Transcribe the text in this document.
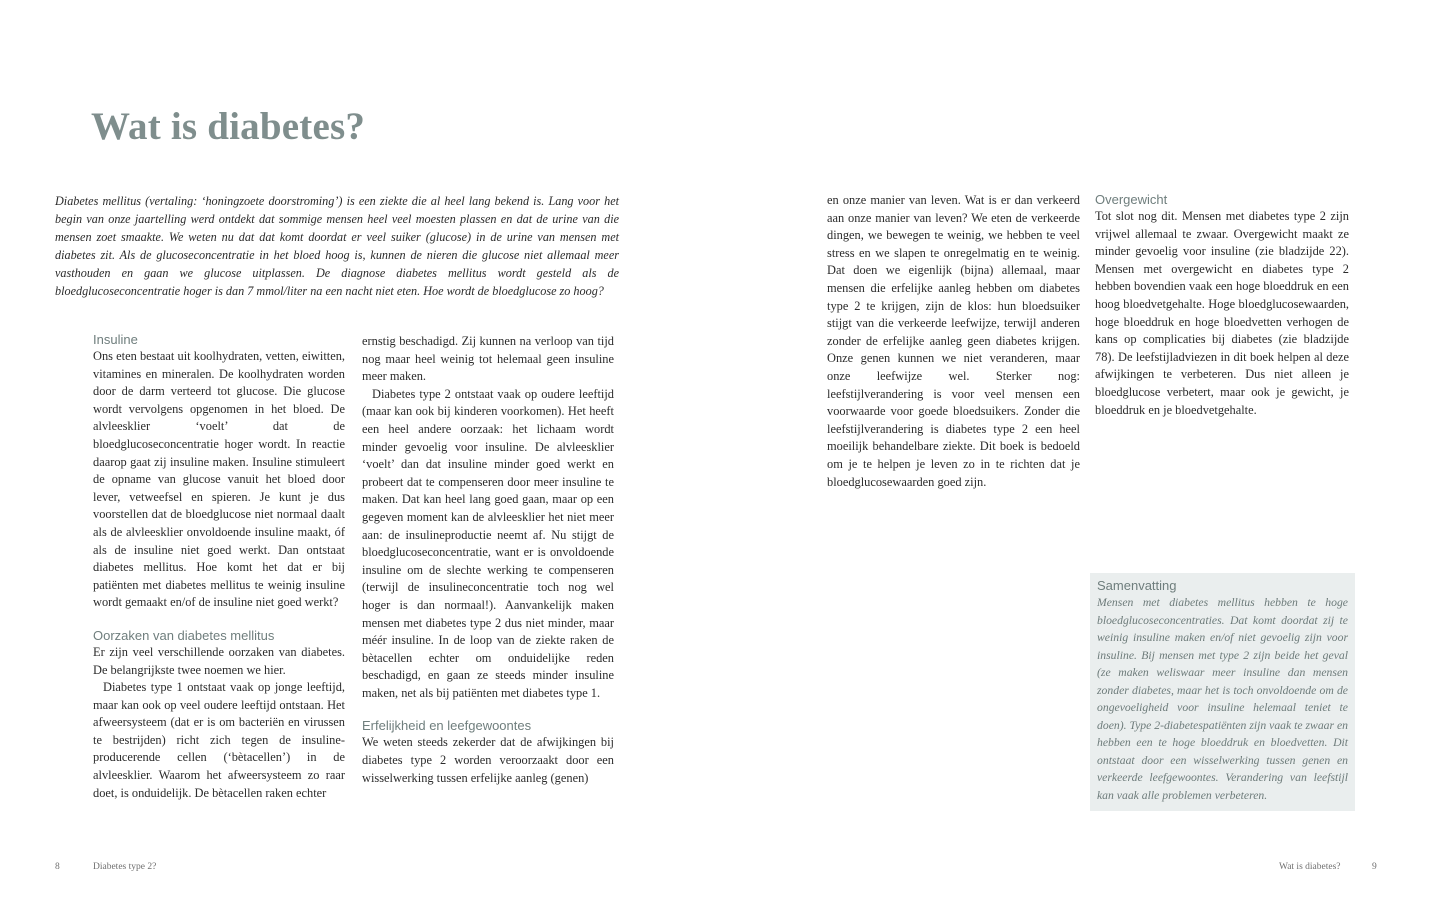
Wat is diabetes?

Diabetes mellitus (vertaling: ‘honingzoete doorstroming’) is een ziekte die al heel lang bekend is. Lang voor het begin van onze jaartelling werd ontdekt dat sommige mensen heel veel moesten plassen en dat de urine van die mensen zoet smaakte. We weten nu dat dat komt doordat er veel suiker (glucose) in de urine van mensen met diabetes zit. Als de glucoseconcentratie in het bloed hoog is, kunnen de nieren die glucose niet allemaal meer vasthouden en gaan we glucose uitplassen. De diagnose diabetes mellitus wordt gesteld als de bloedglucoseconcentratie hoger is dan 7 mmol/liter na een nacht niet eten. Hoe wordt de bloedglucose zo hoog?

Insuline

Ons eten bestaat uit koolhydraten, vetten, eiwitten, vitamines en mineralen. De koolhydraten worden door de darm verteerd tot glucose. Die glucose wordt vervolgens opgenomen in het bloed. De alvleesklier ‘voelt’ dat de bloedglucoseconcentratie hoger wordt. In reactie daarop gaat zij insuline maken. Insuline stimuleert de opname van glucose vanuit het bloed door lever, vetweefsel en spieren. Je kunt je dus voorstellen dat de bloedglucose niet normaal daalt als de alvleesklier onvoldoende insuline maakt, óf als de insuline niet goed werkt. Dan ontstaat diabetes mellitus. Hoe komt het dat er bij patiënten met diabetes mellitus te weinig insuline wordt gemaakt en/of de insuline niet goed werkt?

Oorzaken van diabetes mellitus

Er zijn veel verschillende oorzaken van diabetes. De belangrijkste twee noemen we hier.

Diabetes type 1 ontstaat vaak op jonge leeftijd, maar kan ook op veel oudere leeftijd ontstaan. Het afweersysteem (dat er is om bacteriën en virussen te bestrijden) richt zich tegen de insuline-producerende cellen (‘bètacellen’) in de alvleesklier. Waarom het afweersysteem zo raar doet, is onduidelijk. De bètacellen raken echter

ernstig beschadigd. Zij kunnen na verloop van tijd nog maar heel weinig tot helemaal geen insuline meer maken.

Diabetes type 2 ontstaat vaak op oudere leeftijd (maar kan ook bij kinderen voorkomen). Het heeft een heel andere oorzaak: het lichaam wordt minder gevoelig voor insuline. De alvleesklier ‘voelt’ dan dat insuline minder goed werkt en probeert dat te compenseren door meer insuline te maken. Dat kan heel lang goed gaan, maar op een gegeven moment kan de alvleesklier het niet meer aan: de insulineproductie neemt af. Nu stijgt de bloedglucoseconcentratie, want er is onvoldoende insuline om de slechte werking te compenseren (terwijl de insulineconcentratie toch nog wel hoger is dan normaal!). Aanvankelijk maken mensen met diabetes type 2 dus niet minder, maar méér insuline. In de loop van de ziekte raken de bètacellen echter om onduidelijke reden beschadigd, en gaan ze steeds minder insuline maken, net als bij patiënten met diabetes type 1.

Erfelijkheid en leefgewoontes

We weten steeds zekerder dat de afwijkingen bij diabetes type 2 worden veroorzaakt door een wisselwerking tussen erfelijke aanleg (genen)

en onze manier van leven. Wat is er dan verkeerd aan onze manier van leven? We eten de verkeerde dingen, we bewegen te weinig, we hebben te veel stress en we slapen te onregelmatig en te weinig. Dat doen we eigenlijk (bijna) allemaal, maar mensen die erfelijke aanleg hebben om diabetes type 2 te krijgen, zijn de klos: hun bloedsuiker stijgt van die verkeerde leefwijze, terwijl anderen zonder de erfelijke aanleg geen diabetes krijgen. Onze genen kunnen we niet veranderen, maar onze leefwijze wel. Sterker nog: leefstijlverandering is voor veel mensen een voorwaarde voor goede bloedsuikers. Zonder die leefstijlverandering is diabetes type 2 een heel moeilijk behandelbare ziekte. Dit boek is bedoeld om je te helpen je leven zo in te richten dat je bloedglucosewaarden goed zijn.

Overgewicht

Tot slot nog dit. Mensen met diabetes type 2 zijn vrijwel allemaal te zwaar. Overgewicht maakt ze minder gevoelig voor insuline (zie bladzijde 22). Mensen met overgewicht en diabetes type 2 hebben bovendien vaak een hoge bloeddruk en een hoog bloedvetgehalte. Hoge bloedglucosewaarden, hoge bloeddruk en hoge bloedvetten verhogen de kans op complicaties bij diabetes (zie bladzijde 78). De leefstijladviezen in dit boek helpen al deze afwijkingen te verbeteren. Dus niet alleen je bloedglucose verbetert, maar ook je gewicht, je bloeddruk en je bloedvetgehalte.

Samenvatting

Mensen met diabetes mellitus hebben te hoge bloedglucoseconcentraties. Dat komt doordat zij te weinig insuline maken en/of niet gevoelig zijn voor insuline. Bij mensen met type 2 zijn beide het geval (ze maken weliswaar meer insuline dan mensen zonder diabetes, maar het is toch onvoldoende om de ongevoeligheid voor insuline helemaal teniet te doen). Type 2-diabetespatiënten zijn vaak te zwaar en hebben een te hoge bloeddruk en bloedvetten. Dit ontstaat door een wisselwerking tussen genen en verkeerde leefgewoontes. Verandering van leefstijl kan vaak alle problemen verbeteren.

8	Diabetes type 2?	Wat is diabetes?	9
